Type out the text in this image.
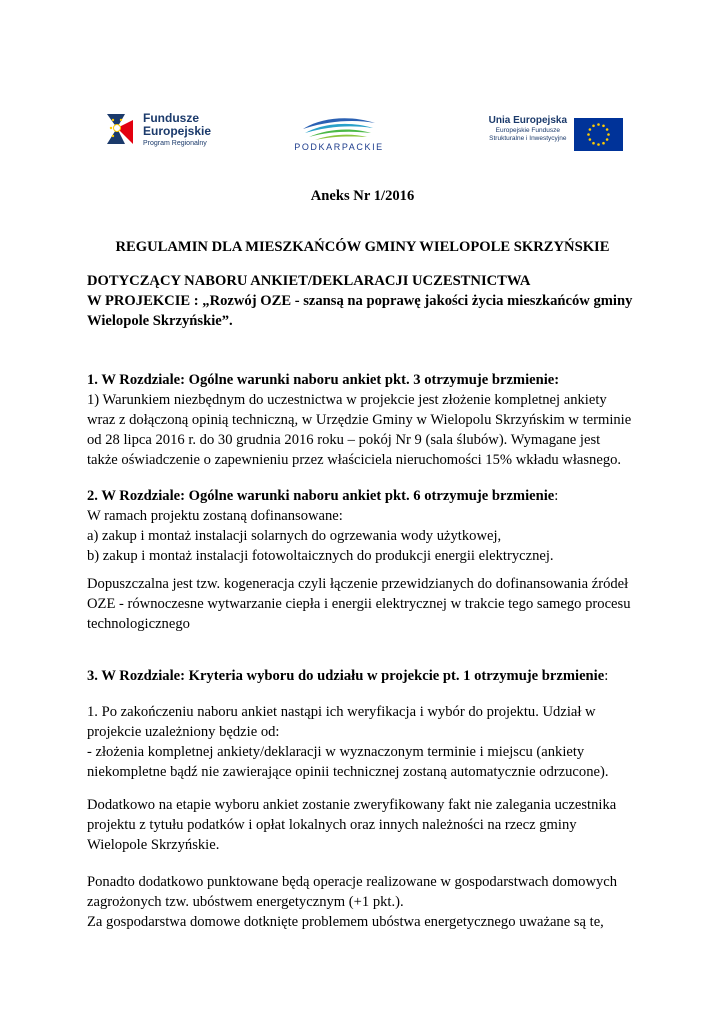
Fundusze
Europejskie
Program Regionalny	PODKARPACKIE
Unia Europejska
Europejskie Fundusze
Strukturalne i Inwestycyjne

Aneks Nr 1/2016

REGULAMIN DLA MIESZKAŃCÓW GMINY WIELOPOLE SKRZYŃSKIE

DOTYCZĄCY NABORU ANKIET/DEKLARACJI UCZESTNICTWA
W PROJEKCIE : „Rozwój OZE - szansą na poprawę jakości życia mieszkańców gminy
Wielopole Skrzyńskie”.
1. W Rozdziale: Ogólne warunki naboru ankiet pkt. 3 otrzymuje brzmienie:
1) Warunkiem niezbędnym do uczestnictwa w projekcie jest złożenie kompletnej ankiety
wraz z dołączoną opinią techniczną, w Urzędzie Gminy w Wielopolu Skrzyńskim w terminie
od 28 lipca 2016 r. do 30 grudnia 2016 roku – pokój Nr 9 (sala ślubów). Wymagane jest
także oświadczenie o zapewnieniu przez właściciela nieruchomości 15% wkładu własnego.
2. W Rozdziale: Ogólne warunki naboru ankiet pkt. 6 otrzymuje brzmienie:
W ramach projektu zostaną dofinansowane:
a) zakup i montaż instalacji solarnych do ogrzewania wody użytkowej,
b) zakup i montaż instalacji fotowoltaicznych do produkcji energii elektrycznej.
Dopuszczalna jest tzw. kogeneracja czyli łączenie przewidzianych do dofinansowania źródeł
OZE - równoczesne wytwarzanie ciepła i energii elektrycznej w trakcie tego samego procesu
technologicznego
3. W Rozdziale: Kryteria wyboru do udziału w projekcie pt. 1 otrzymuje brzmienie:
1. Po zakończeniu naboru ankiet nastąpi ich weryfikacja i wybór do projektu. Udział w
projekcie uzależniony będzie od:
- złożenia kompletnej ankiety/deklaracji w wyznaczonym terminie i miejscu (ankiety
niekompletne bądź nie zawierające opinii technicznej zostaną automatycznie odrzucone).
Dodatkowo na etapie wyboru ankiet zostanie zweryfikowany fakt nie zalegania uczestnika
projektu z tytułu podatków i opłat lokalnych oraz innych należności na rzecz gminy
Wielopole Skrzyńskie.
Ponadto dodatkowo punktowane będą operacje realizowane w gospodarstwach domowych
zagrożonych tzw. ubóstwem energetycznym (+1 pkt.).
Za gospodarstwa domowe dotknięte problemem ubóstwa energetycznego uważane są te,
